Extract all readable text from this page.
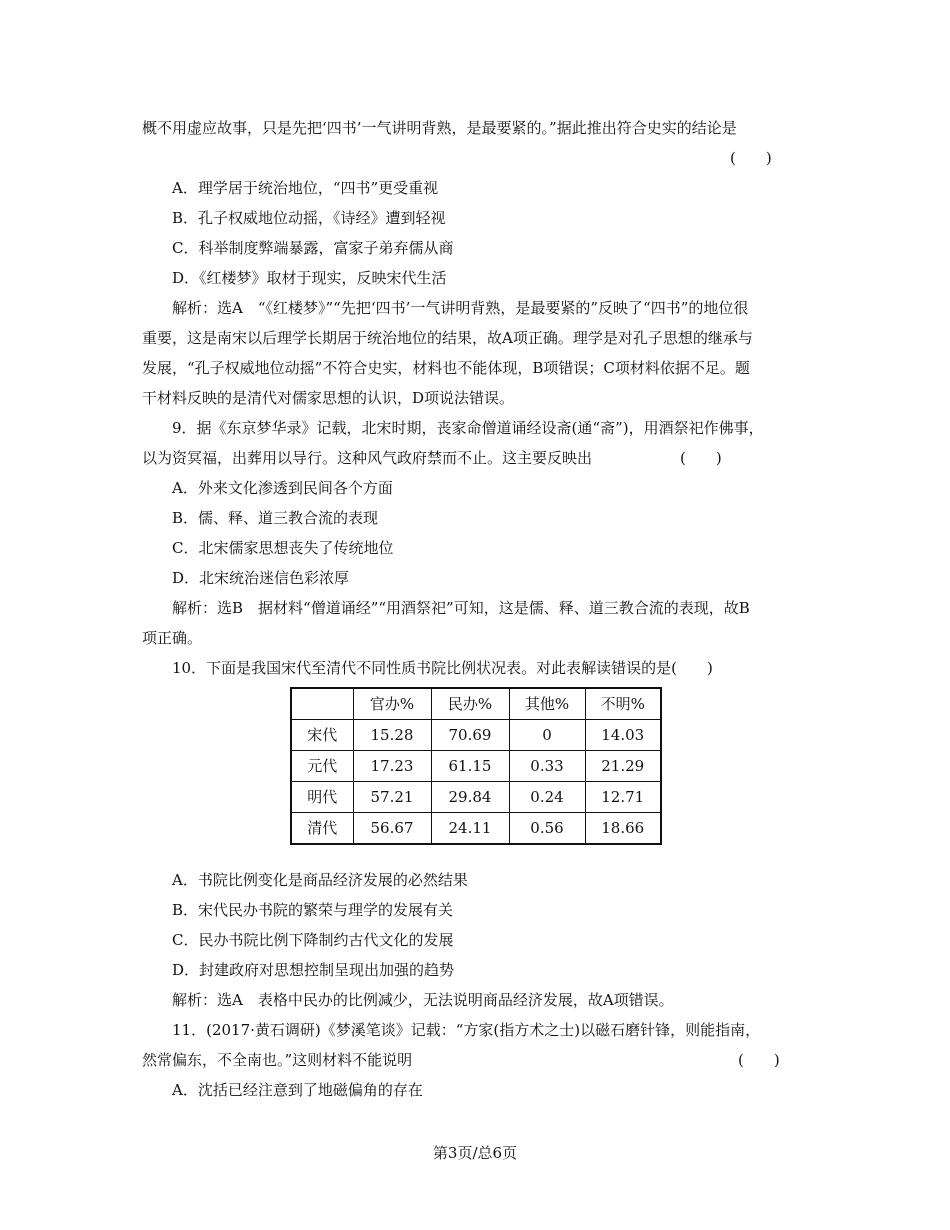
概不用虚应故事，只是先把‘四书’一气讲明背熟，是最要紧的。”据此推出符合史实的结论是
(　　)
A．理学居于统治地位，“四书”更受重视
B．孔子权威地位动摇，《诗经》遭到轻视
C．科举制度弊端暴露，富家子弟弃儒从商
D．《红楼梦》取材于现实，反映宋代生活
解析：选A　“《红楼梦》”“先把‘四书’一气讲明背熟，是最要紧的”反映了“四书”的地位很
重要，这是南宋以后理学长期居于统治地位的结果，故A项正确。理学是对孔子思想的继承与
发展，“孔子权威地位动摇”不符合史实，材料也不能体现，B项错误；C项材料依据不足。题
干材料反映的是清代对儒家思想的认识，D项说法错误。
9．据《东京梦华录》记载，北宋时期，丧家命僧道诵经设斋(通“斋”)，用酒祭祀作佛事，
以为资冥福，出葬用以导行。这种风气政府禁而不止。这主要反映出	(　　)
A．外来文化渗透到民间各个方面
B．儒、释、道三教合流的表现
C．北宋儒家思想丧失了传统地位
D．北宋统治迷信色彩浓厚
解析：选B　据材料“僧道诵经”“用酒祭祀”可知，这是儒、释、道三教合流的表现，故B
项正确。
10．下面是我国宋代至清代不同性质书院比例状况表。对此表解读错误的是(　　)
	官办%	民办%	其他%	不明%
宋代	15.28	70.69	0	14.03
元代	17.23	61.15	0.33	21.29
明代	57.21	29.84	0.24	12.71
清代	56.67	24.11	0.56	18.66
A．书院比例变化是商品经济发展的必然结果
B．宋代民办书院的繁荣与理学的发展有关
C．民办书院比例下降制约古代文化的发展
D．封建政府对思想控制呈现出加强的趋势
解析：选A　表格中民办的比例减少，无法说明商品经济发展，故A项错误。
11．(2017·黄石调研)《梦溪笔谈》记载：“方家(指方术之士)以磁石磨针锋，则能指南，
然常偏东，不全南也。”这则材料不能说明	(　　)
A．沈括已经注意到了地磁偏角的存在
第3页/总6页
